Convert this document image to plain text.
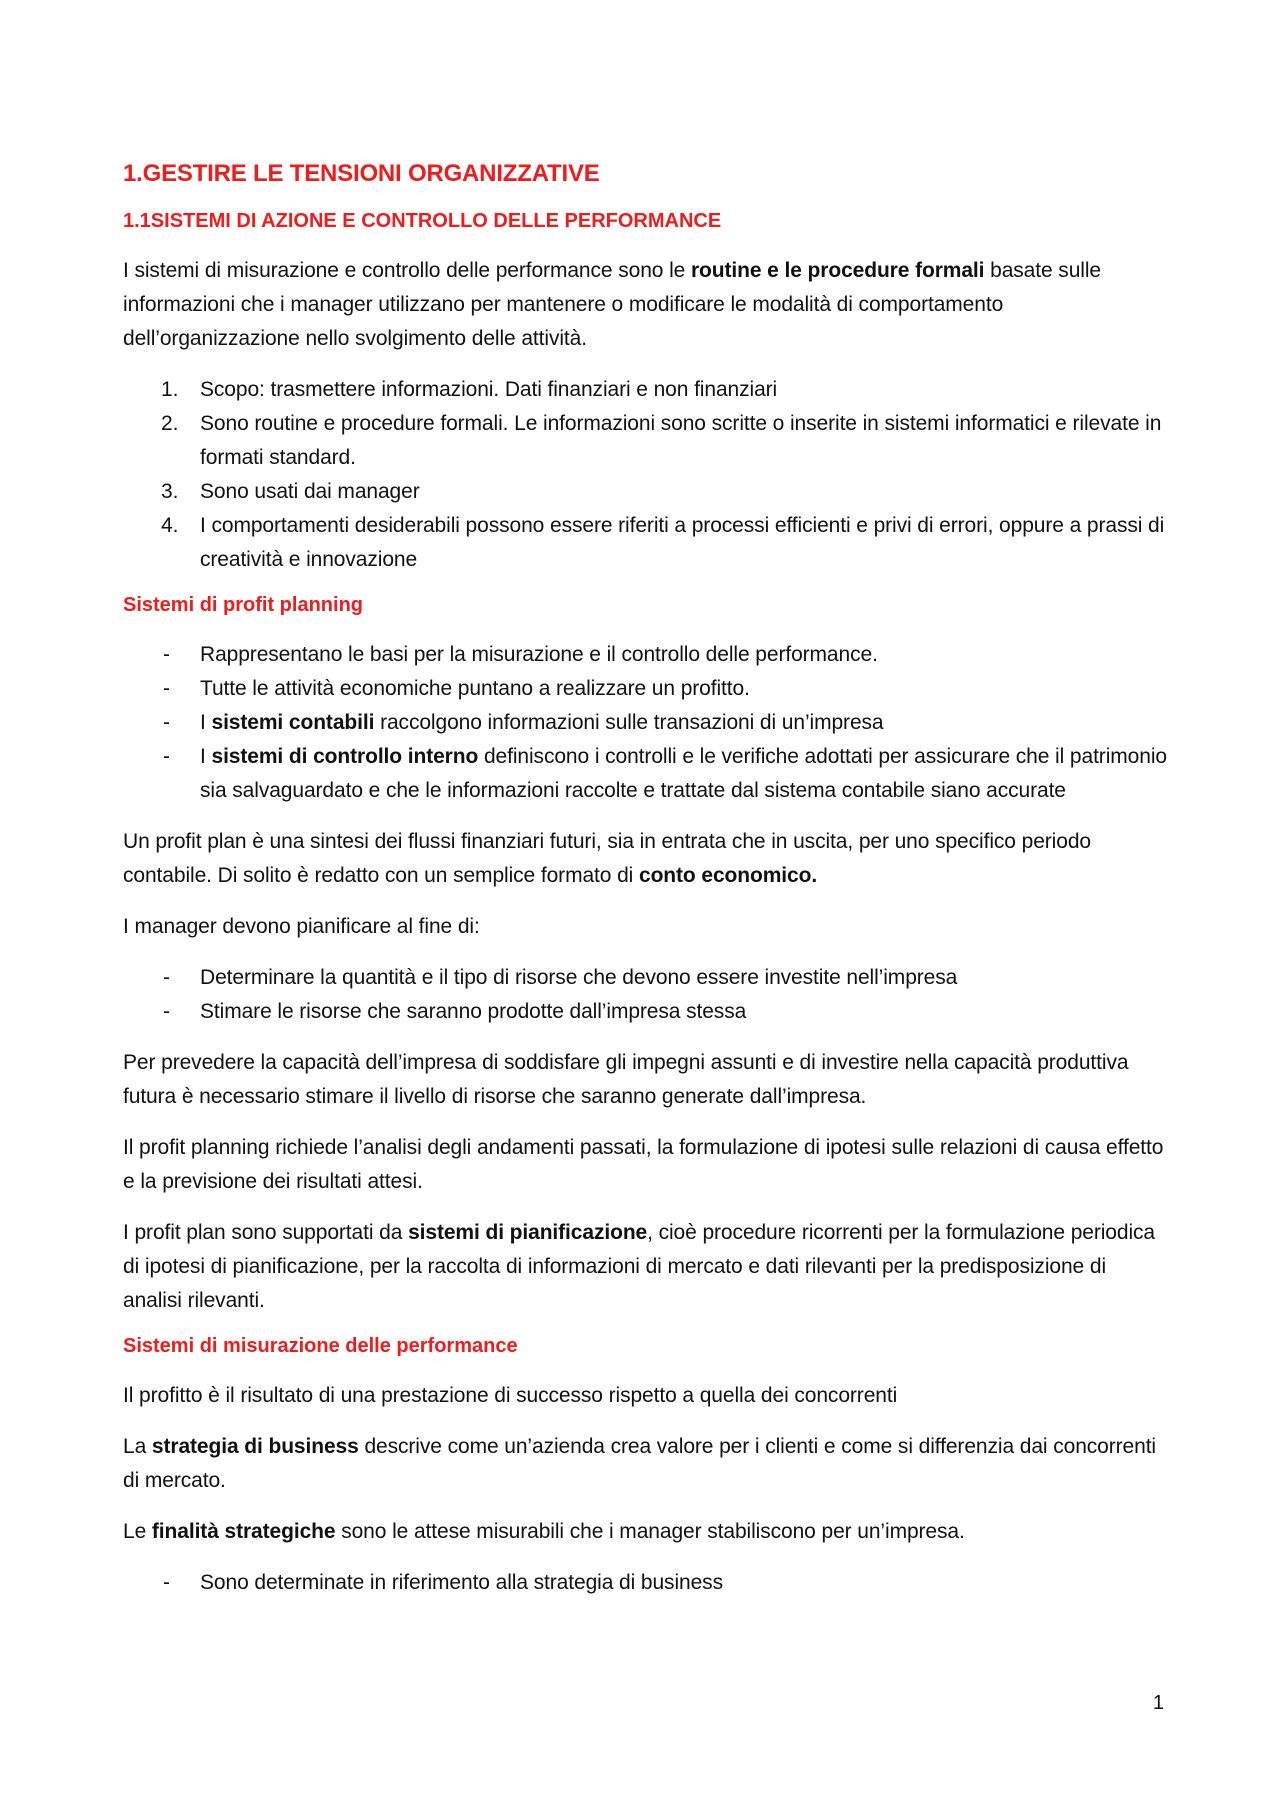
1.GESTIRE LE TENSIONI ORGANIZZATIVE
1.1SISTEMI DI AZIONE E CONTROLLO DELLE PERFORMANCE

I sistemi di misurazione e controllo delle performance sono le routine e le procedure formali basate sulle informazioni che i manager utilizzano per mantenere o modificare le modalità di comportamento dell’organizzazione nello svolgimento delle attività.

1. Scopo: trasmettere informazioni. Dati finanziari e non finanziari
2. Sono routine e procedure formali. Le informazioni sono scritte o inserite in sistemi informatici e rilevate in formati standard.
3. Sono usati dai manager
4. I comportamenti desiderabili possono essere riferiti a processi efficienti e privi di errori, oppure a prassi di creatività e innovazione
Sistemi di profit planning
- Rappresentano le basi per la misurazione e il controllo delle performance.
- Tutte le attività economiche puntano a realizzare un profitto.
- I sistemi contabili raccolgono informazioni sulle transazioni di un’impresa
- I sistemi di controllo interno definiscono i controlli e le verifiche adottati per assicurare che il patrimonio sia salvaguardato e che le informazioni raccolte e trattate dal sistema contabile siano accurate

Un profit plan è una sintesi dei flussi finanziari futuri, sia in entrata che in uscita, per uno specifico periodo contabile. Di solito è redatto con un semplice formato di conto economico.

I manager devono pianificare al fine di:

- Determinare la quantità e il tipo di risorse che devono essere investite nell’impresa
- Stimare le risorse che saranno prodotte dall’impresa stessa

Per prevedere la capacità dell’impresa di soddisfare gli impegni assunti e di investire nella capacità produttiva futura è necessario stimare il livello di risorse che saranno generate dall’impresa.

Il profit planning richiede l’analisi degli andamenti passati, la formulazione di ipotesi sulle relazioni di causa effetto e la previsione dei risultati attesi.

I profit plan sono supportati da sistemi di pianificazione, cioè procedure ricorrenti per la formulazione periodica di ipotesi di pianificazione, per la raccolta di informazioni di mercato e dati rilevanti per la predisposizione di analisi rilevanti.

Sistemi di misurazione delle performance

Il profitto è il risultato di una prestazione di successo rispetto a quella dei concorrenti

La strategia di business descrive come un’azienda crea valore per i clienti e come si differenzia dai concorrenti di mercato.

Le finalità strategiche sono le attese misurabili che i manager stabiliscono per un’impresa.

- Sono determinate in riferimento alla strategia di business
1
